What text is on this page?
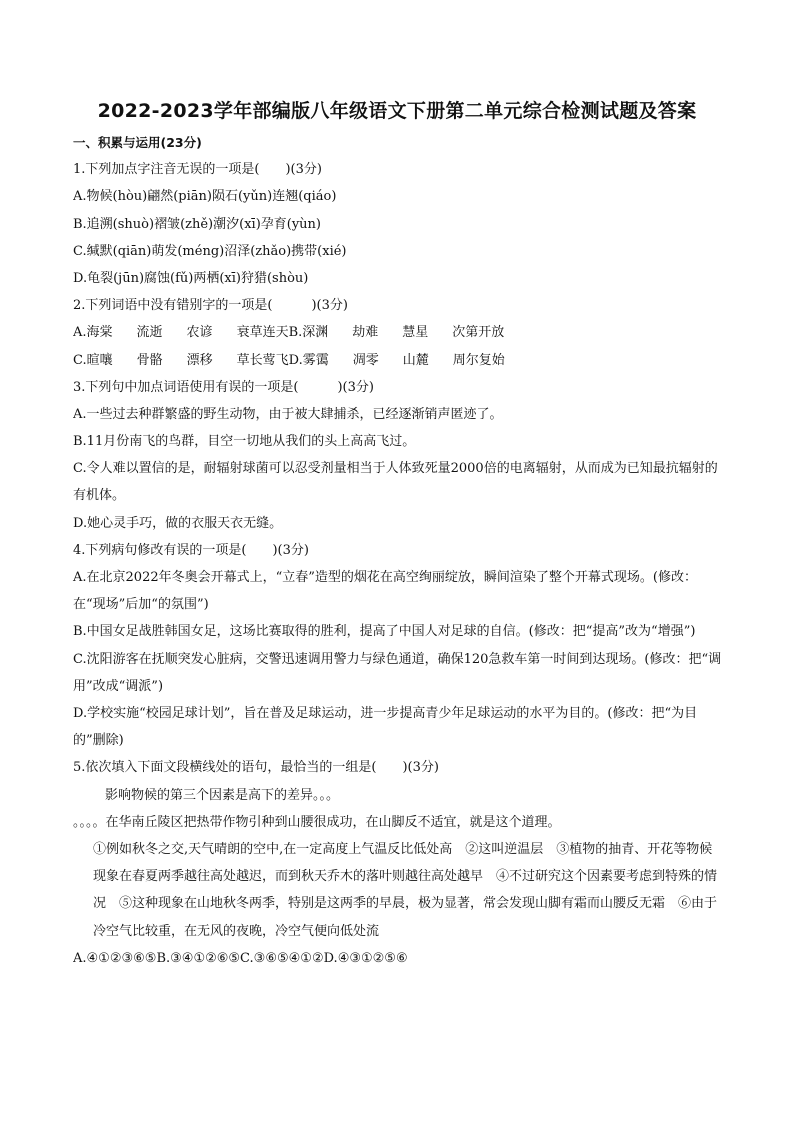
2022-2023学年部编版八年级语文下册第二单元综合检测试题及答案
一、积累与运用(23分)
1.下列加点字注音无误的一项是(　　)(3分)
A.物候(hòu)翩然(piān)陨石(yǔn)连翘(qiáo)
B.追溯(shuò)褶皱(zhě)潮汐(xī)孕育(yùn)
C.缄默(qiān)萌发(méng)沼泽(zhǎo)携带(xié)
D.龟裂(jūn)腐蚀(fǔ)两栖(xī)狩猎(shòu)
2.下列词语中没有错别字的一项是(　　　)(3分)
A.海棠 流逝 农谚 衰草连天B.深渊 劫难 慧星 次第开放
C.暄嚷 骨骼 漂移 草长莺飞D.雾霭 凋零 山麓 周尔复始
3.下列句中加点词语使用有误的一项是(　　　)(3分)
A.一些过去种群繁盛的野生动物，由于被大肆捕杀，已经逐渐销声匿迹了。
B.11月份南飞的鸟群，目空一切地从我们的头上高高飞过。
C.令人难以置信的是，耐辐射球菌可以忍受剂量相当于人体致死量2000倍的电离辐射，从而成为已知最抗辐射的有机体。
D.她心灵手巧，做的衣服天衣无缝。
4.下列病句修改有误的一项是(　　)(3分)
A.在北京2022年冬奥会开幕式上，“立春”造型的烟花在高空绚丽绽放，瞬间渲染了整个开幕式现场。(修改：在“现场”后加“的氛围”)
B.中国女足战胜韩国女足，这场比赛取得的胜利，提高了中国人对足球的自信。(修改：把“提高”改为“增强”)
C.沈阳游客在抚顺突发心脏病，交警迅速调用警力与绿色通道，确保120急救车第一时间到达现场。(修改：把“调用”改成“调派”)
D.学校实施“校园足球计划”，旨在普及足球运动，进一步提高青少年足球运动的水平为目的。(修改：把“为目的”删除)
5.依次填入下面文段横线处的语句，最恰当的一组是(　　)(3分)
影响物候的第三个因素是高下的差异。。。
。。。。在华南丘陵区把热带作物引种到山腰很成功，在山脚反不适宜，就是这个道理。
①例如秋冬之交,天气晴朗的空中,在一定高度上气温反比低处高　②这叫逆温层　③植物的抽青、开花等物候现象在春夏两季越往高处越迟，而到秋天乔木的落叶则越往高处越早　④不过研究这个因素要考虑到特殊的情况　⑤这种现象在山地秋冬两季，特别是这两季的早晨，极为显著，常会发现山脚有霜而山腰反无霜　⑥由于冷空气比较重，在无风的夜晚，冷空气便向低处流
A.④①②③⑥⑤B.③④①②⑥⑤C.③⑥⑤④①②D.④③①②⑤⑥
